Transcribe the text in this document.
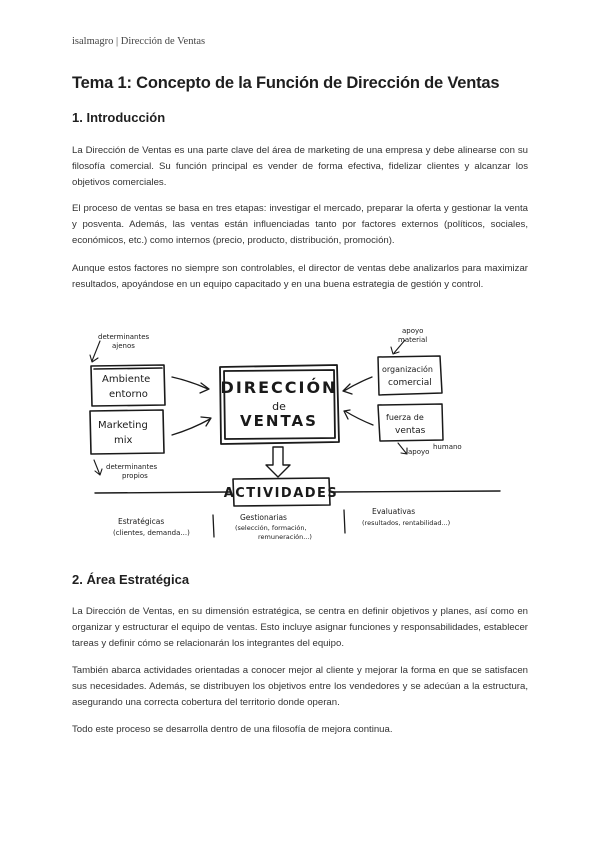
isalmagro | Dirección de Ventas
Tema 1: Concepto de la Función de Dirección de Ventas
1. Introducción

La Dirección de Ventas es una parte clave del área de marketing de una empresa y debe alinearse con su filosofía comercial. Su función principal es vender de forma efectiva, fidelizar clientes y alcanzar los objetivos comerciales.

El proceso de ventas se basa en tres etapas: investigar el mercado, preparar la oferta y gestionar la venta y posventa. Además, las ventas están influenciadas tanto por factores externos (políticos, sociales, económicos, etc.) como internos (precio, producto, distribución, promoción).

Aunque estos factores no siempre son controlables, el director de ventas debe analizarlos para maximizar resultados, apoyándose en un equipo capacitado y en una buena estrategia de gestión y control.

determinantes
ajenos
Ambiente
entorno
Marketing
mix
determinantes
propios
DIRECCIÓN
de
VENTAS
apoyo
material
organización
comercial
fuerza de
ventas
apoyo
humano
ACTIVIDADES
Estratégicas
(clientes, demanda...)
Gestionarias
(selección, formación,
remuneración...)
Evaluativas
(resultados, rentabilidad...)
2. Área Estratégica

La Dirección de Ventas, en su dimensión estratégica, se centra en definir objetivos y planes, así como en organizar y estructurar el equipo de ventas. Esto incluye asignar funciones y responsabilidades, establecer tareas y definir cómo se relacionarán los integrantes del equipo.

También abarca actividades orientadas a conocer mejor al cliente y mejorar la forma en que se satisfacen sus necesidades. Además, se distribuyen los objetivos entre los vendedores y se adecúan a la estructura, asegurando una correcta cobertura del territorio donde operan.

Todo este proceso se desarrolla dentro de una filosofía de mejora continua.
